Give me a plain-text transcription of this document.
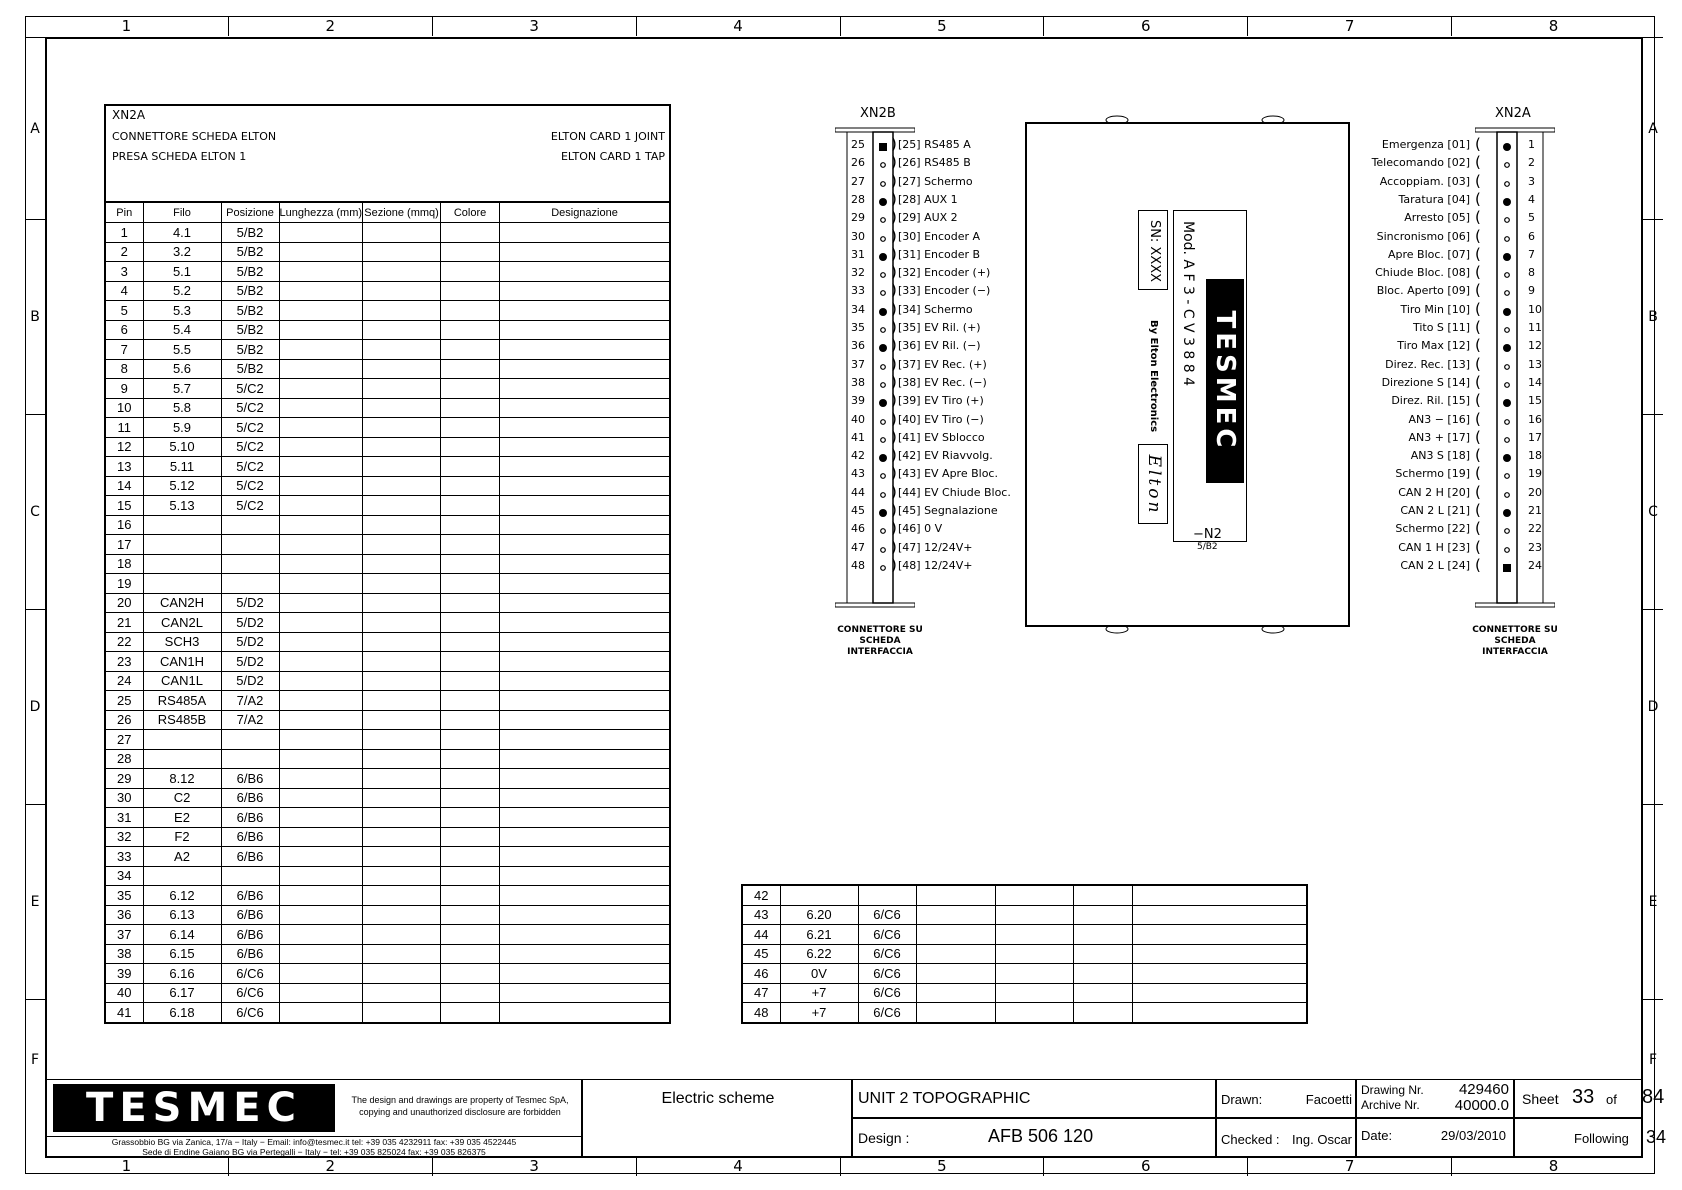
1	2	3	4	5	6	7	8
1	2	3	4	5	6	7	8
A
B
C
D
E
F
A
B
C
D
E
F
XN2A
CONNETTORE SCHEDA ELTON	ELTON CARD 1 JOINT
PRESA SCHEDA ELTON 1	ELTON CARD 1 TAP
Pin	Filo	Posizione	Lunghezza (mm)	Sezione (mmq)	Colore	Designazione
1	4.1	5/B2				
2	3.2	5/B2				
3	5.1	5/B2				
4	5.2	5/B2				
5	5.3	5/B2				
6	5.4	5/B2				
7	5.5	5/B2				
8	5.6	5/B2				
9	5.7	5/C2				
10	5.8	5/C2				
11	5.9	5/C2				
12	5.10	5/C2				
13	5.11	5/C2				
14	5.12	5/C2				
15	5.13	5/C2				
16						
17						
18						
19						
20	CAN2H	5/D2				
21	CAN2L	5/D2				
22	SCH3	5/D2				
23	CAN1H	5/D2				
24	CAN1L	5/D2				
25	RS485A	7/A2				
26	RS485B	7/A2				
27						
28						
29	8.12	6/B6				
30	C2	6/B6				
31	E2	6/B6				
32	F2	6/B6				
33	A2	6/B6				
34						
35	6.12	6/B6				
36	6.13	6/B6				
37	6.14	6/B6				
38	6.15	6/B6				
39	6.16	6/C6				
40	6.17	6/C6				
41	6.18	6/C6				
42						
43	6.20	6/C6				
44	6.21	6/C6				
45	6.22	6/C6				
46	0V	6/C6				
47	+7	6/C6				
48	+7	6/C6				
XN2B
25 ) [25] RS485 A
26 ) [26] RS485 B
27 ) [27] Schermo
28 ) [28] AUX 1
29 ) [29] AUX 2
30 ) [30] Encoder A
31 ) [31] Encoder B
32 ) [32] Encoder (+)
33 ) [33] Encoder (−)
34 ) [34] Schermo
35 ) [35] EV Ril. (+)
36 ) [36] EV Ril. (−)
37 ) [37] EV Rec. (+)
38 ) [38] EV Rec. (−)
39 ) [39] EV Tiro (+)
40 ) [40] EV Tiro (−)
41 ) [41] EV Sblocco
42 ) [42] EV Riavvolg.
43 ) [43] EV Apre Bloc.
44 ) [44] EV Chiude Bloc.
45 ) [45] Segnalazione
46 ) [46] 0 V
47 ) [47] 12/24V+
48 ) [48] 12/24V+
CONNETTORE SU SCHEDA
INTERFACCIA
SN: XXXX	Mod. A F 3 - C V 3 8 8 4 TESMEC
By Elton Electronics
Elton
−N2
5/B2
XN2A
Emergenza [01] (	1
Telecomando [02] (	2
Accoppiam. [03] (	3
Taratura [04] (	4
Arresto [05] (	5
Sincronismo [06] (	6
Apre Bloc. [07] (	7
Chiude Bloc. [08] (	8
Bloc. Aperto [09] (	9
Tiro Min [10] (	10
Tito S [11] (	11
Tiro Max [12] (	12
Direz. Rec. [13] (	13
Direzione S [14] (	14
Direz. Ril. [15] (	15
AN3 − [16] (	16
AN3 + [17] (	17
AN3 S [18] (	18
Schermo [19] (	19
CAN 2 H [20] (	20
CAN 2 L [21] (	21
Schermo [22] (	22
CAN 1 H [23] (	23
CAN 2 L [24] (	24
CONNETTORE SU SCHEDA
INTERFACCIA
TESMEC	The design and drawings are property of Tesmec SpA,
copying and unauthorized disclosure are forbidden
Grassobbio BG via Zanica, 17/a − Italy − Email: info@tesmec.it tel: +39 035 4232911 fax: +39 035 4522445
Sede di Endine Gaiano BG via Pertegalli − Italy − tel: +39 035 825024 fax: +39 035 826375
Electric scheme	UNIT 2 TOPOGRAPHIC
Design :	AFB 506 120
Drawn:	Facoetti
Checked : Ing. Oscar
Drawing Nr.
Archive Nr.
429460
40000.0
Date:	29/03/2010
Sheet 33 of 84
Following 34
